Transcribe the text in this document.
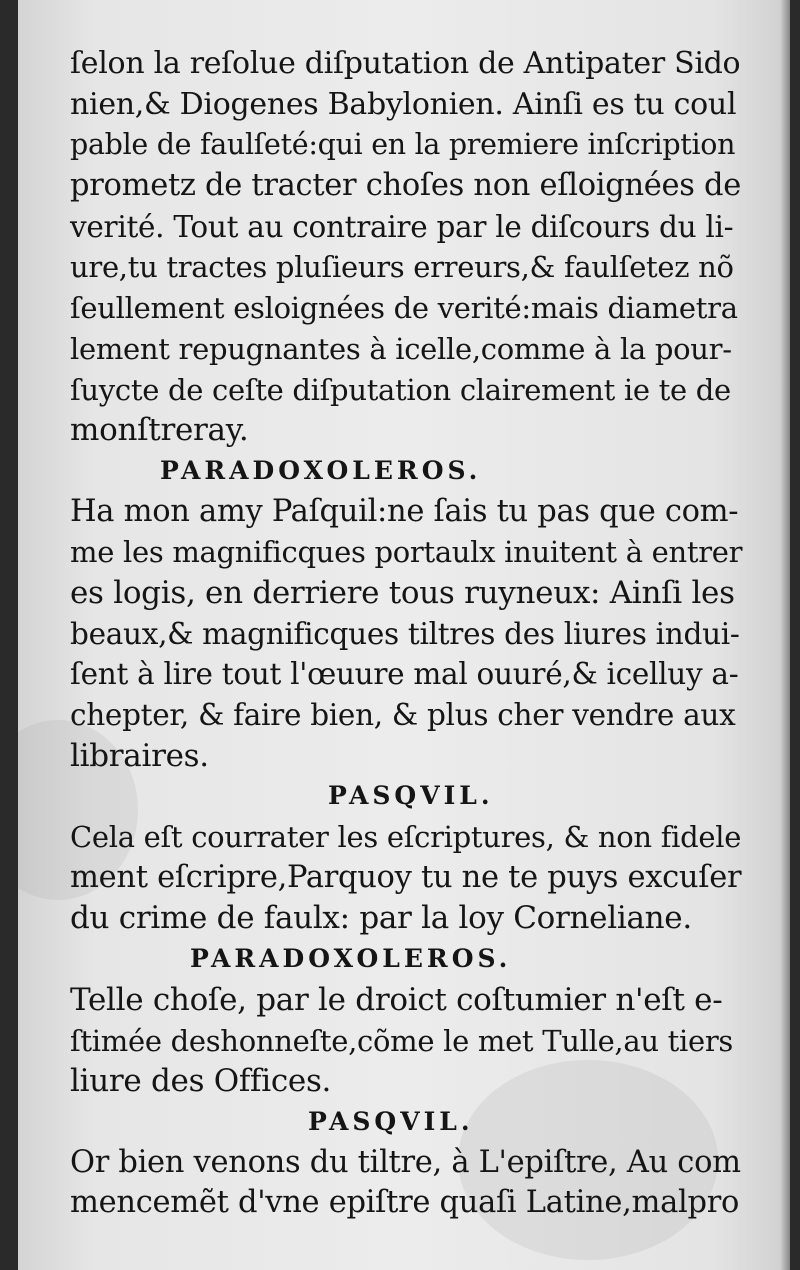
ſelon la reſolue diſputation de Antipater Sido
nien,& Diogenes Babylonien. Ainſi es tu coul
pable de faulſeté:qui en la premiere inſcription
prometz de tracter choſes non eſloignées de
verité. Tout au contraire par le diſcours du li-
ure,tu tractes pluſieurs erreurs,& faulſetez nõ
ſeullement esloignées de verité:mais diametra
lement repugnantes à icelle,comme à la pour-
ſuycte de ceſte diſputation clairement ie te de
monſtreray.
PARADOXOLEROS.
Ha mon amy Paſquil:ne ſais tu pas que com-
me les magnificques portaulx inuitent à entrer
es logis, en derriere tous ruyneux: Ainſi les
beaux,& magnificques tiltres des liures indui-
ſent à lire tout l'œuure mal ouuré,& icelluy a-
chepter, & faire bien, & plus cher vendre aux
libraires.
PASQVIL.
Cela eſt courrater les eſcriptures, & non fidele
ment eſcripre,Parquoy tu ne te puys excuſer
du crime de faulx: par la loy Corneliane.
PARADOXOLEROS.
Telle choſe, par le droict coſtumier n'eſt e-
ſtimée deshonneſte,cõme le met Tulle,au tiers
liure des Offices.
PASQVIL.
Or bien venons du tiltre, à L'epiſtre, Au com
mencemẽt d'vne epiſtre quaſi Latine,malpro
